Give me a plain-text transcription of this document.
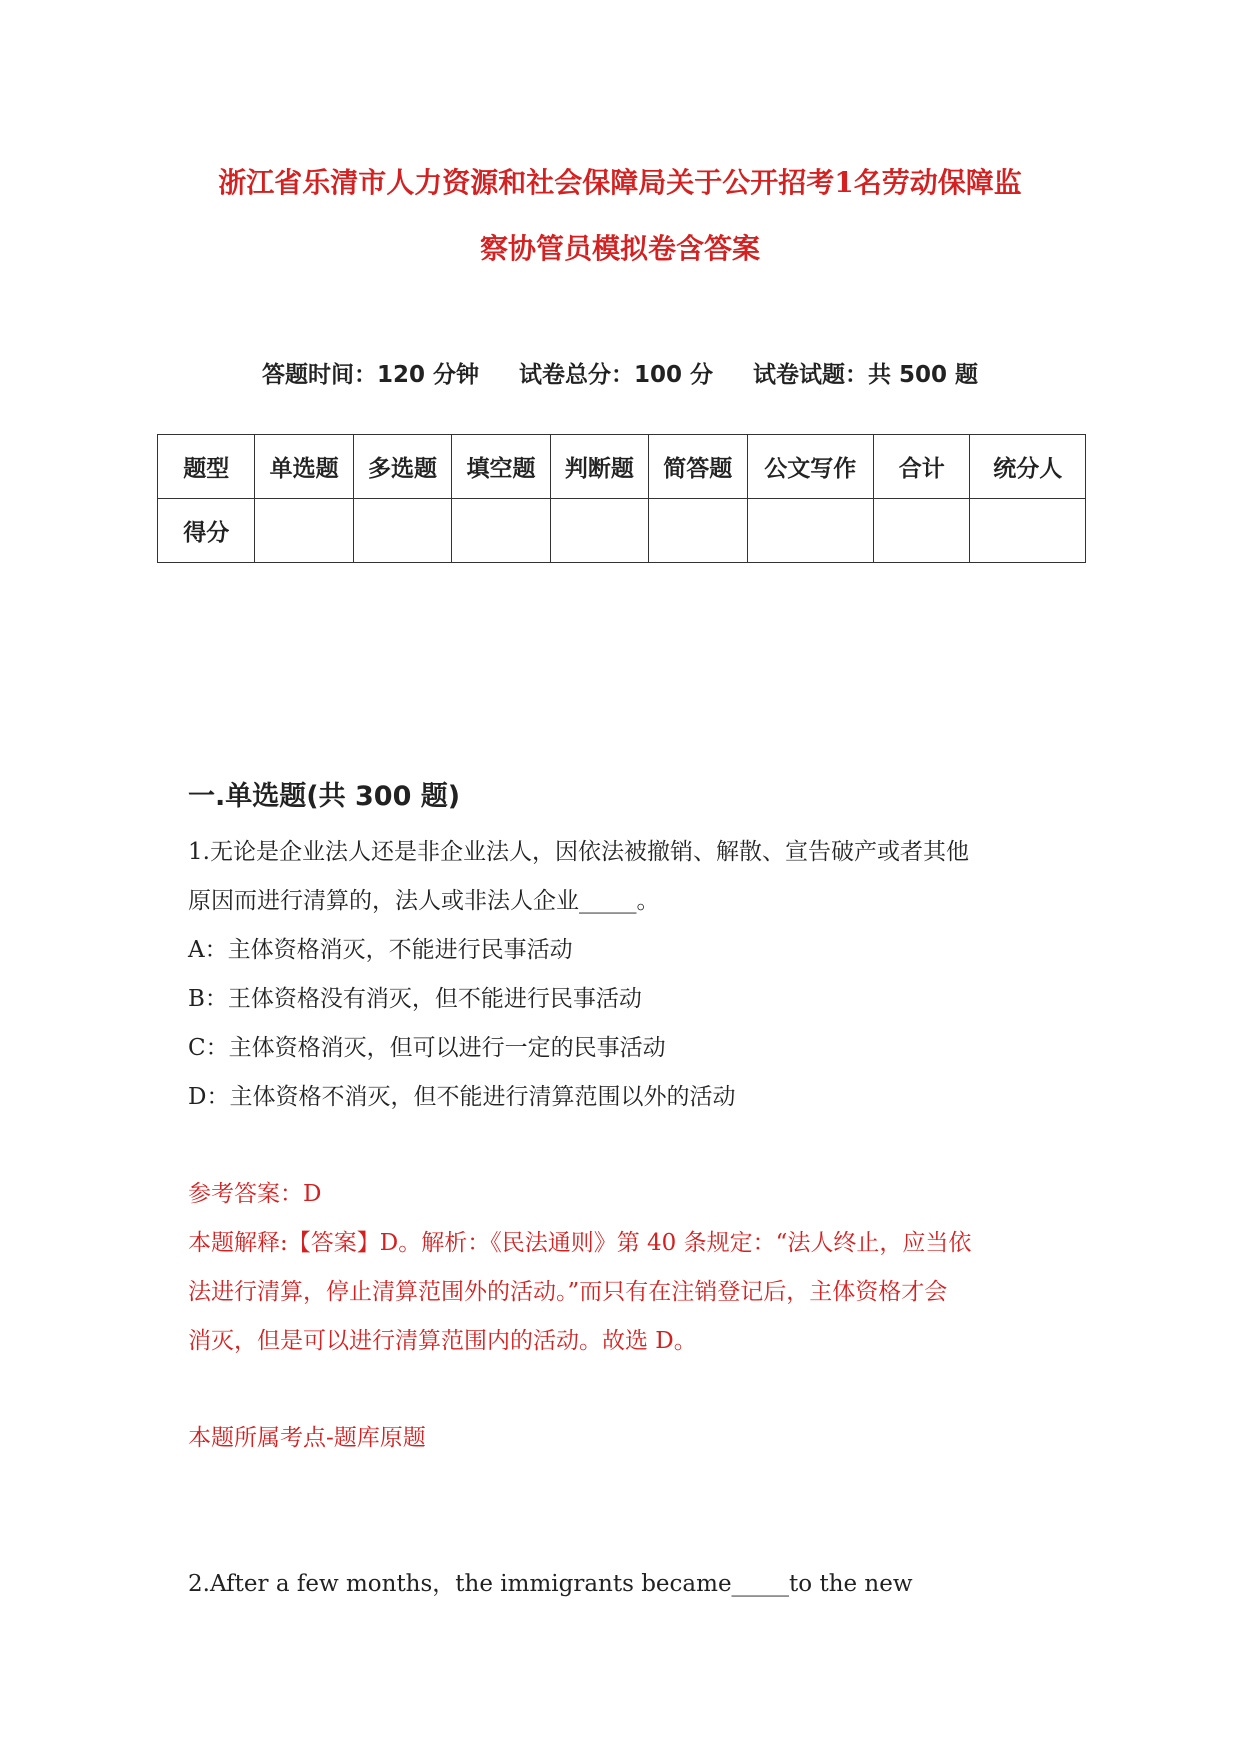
浙江省乐清市人力资源和社会保障局关于公开招考1名劳动保障监
察协管员模拟卷含答案
答题时间：120 分钟 试卷总分：100 分 试卷试题：共 500 题
题型	单选题	多选题	填空题	判断题	简答题	公文写作	合计	统分人
得分								
一.单选题(共 300 题)

1.无论是企业法人还是非企业法人，因依法被撤销、解散、宣告破产或者其他

原因而进行清算的，法人或非法人企业_____。

A：主体资格消灭，不能进行民事活动

B：王体资格没有消灭，但不能进行民事活动

C：主体资格消灭，但可以进行一定的民事活动

D：主体资格不消灭，但不能进行清算范围以外的活动

参考答案：D

本题解释:【答案】D。解析：《民法通则》第 40 条规定：“法人终止，应当依

法进行清算，停止清算范围外的活动。”而只有在注销登记后，主体资格才会

消灭，但是可以进行清算范围内的活动。故选 D。

本题所属考点-题库原题

2.After a few months，the immigrants became_____to the new
